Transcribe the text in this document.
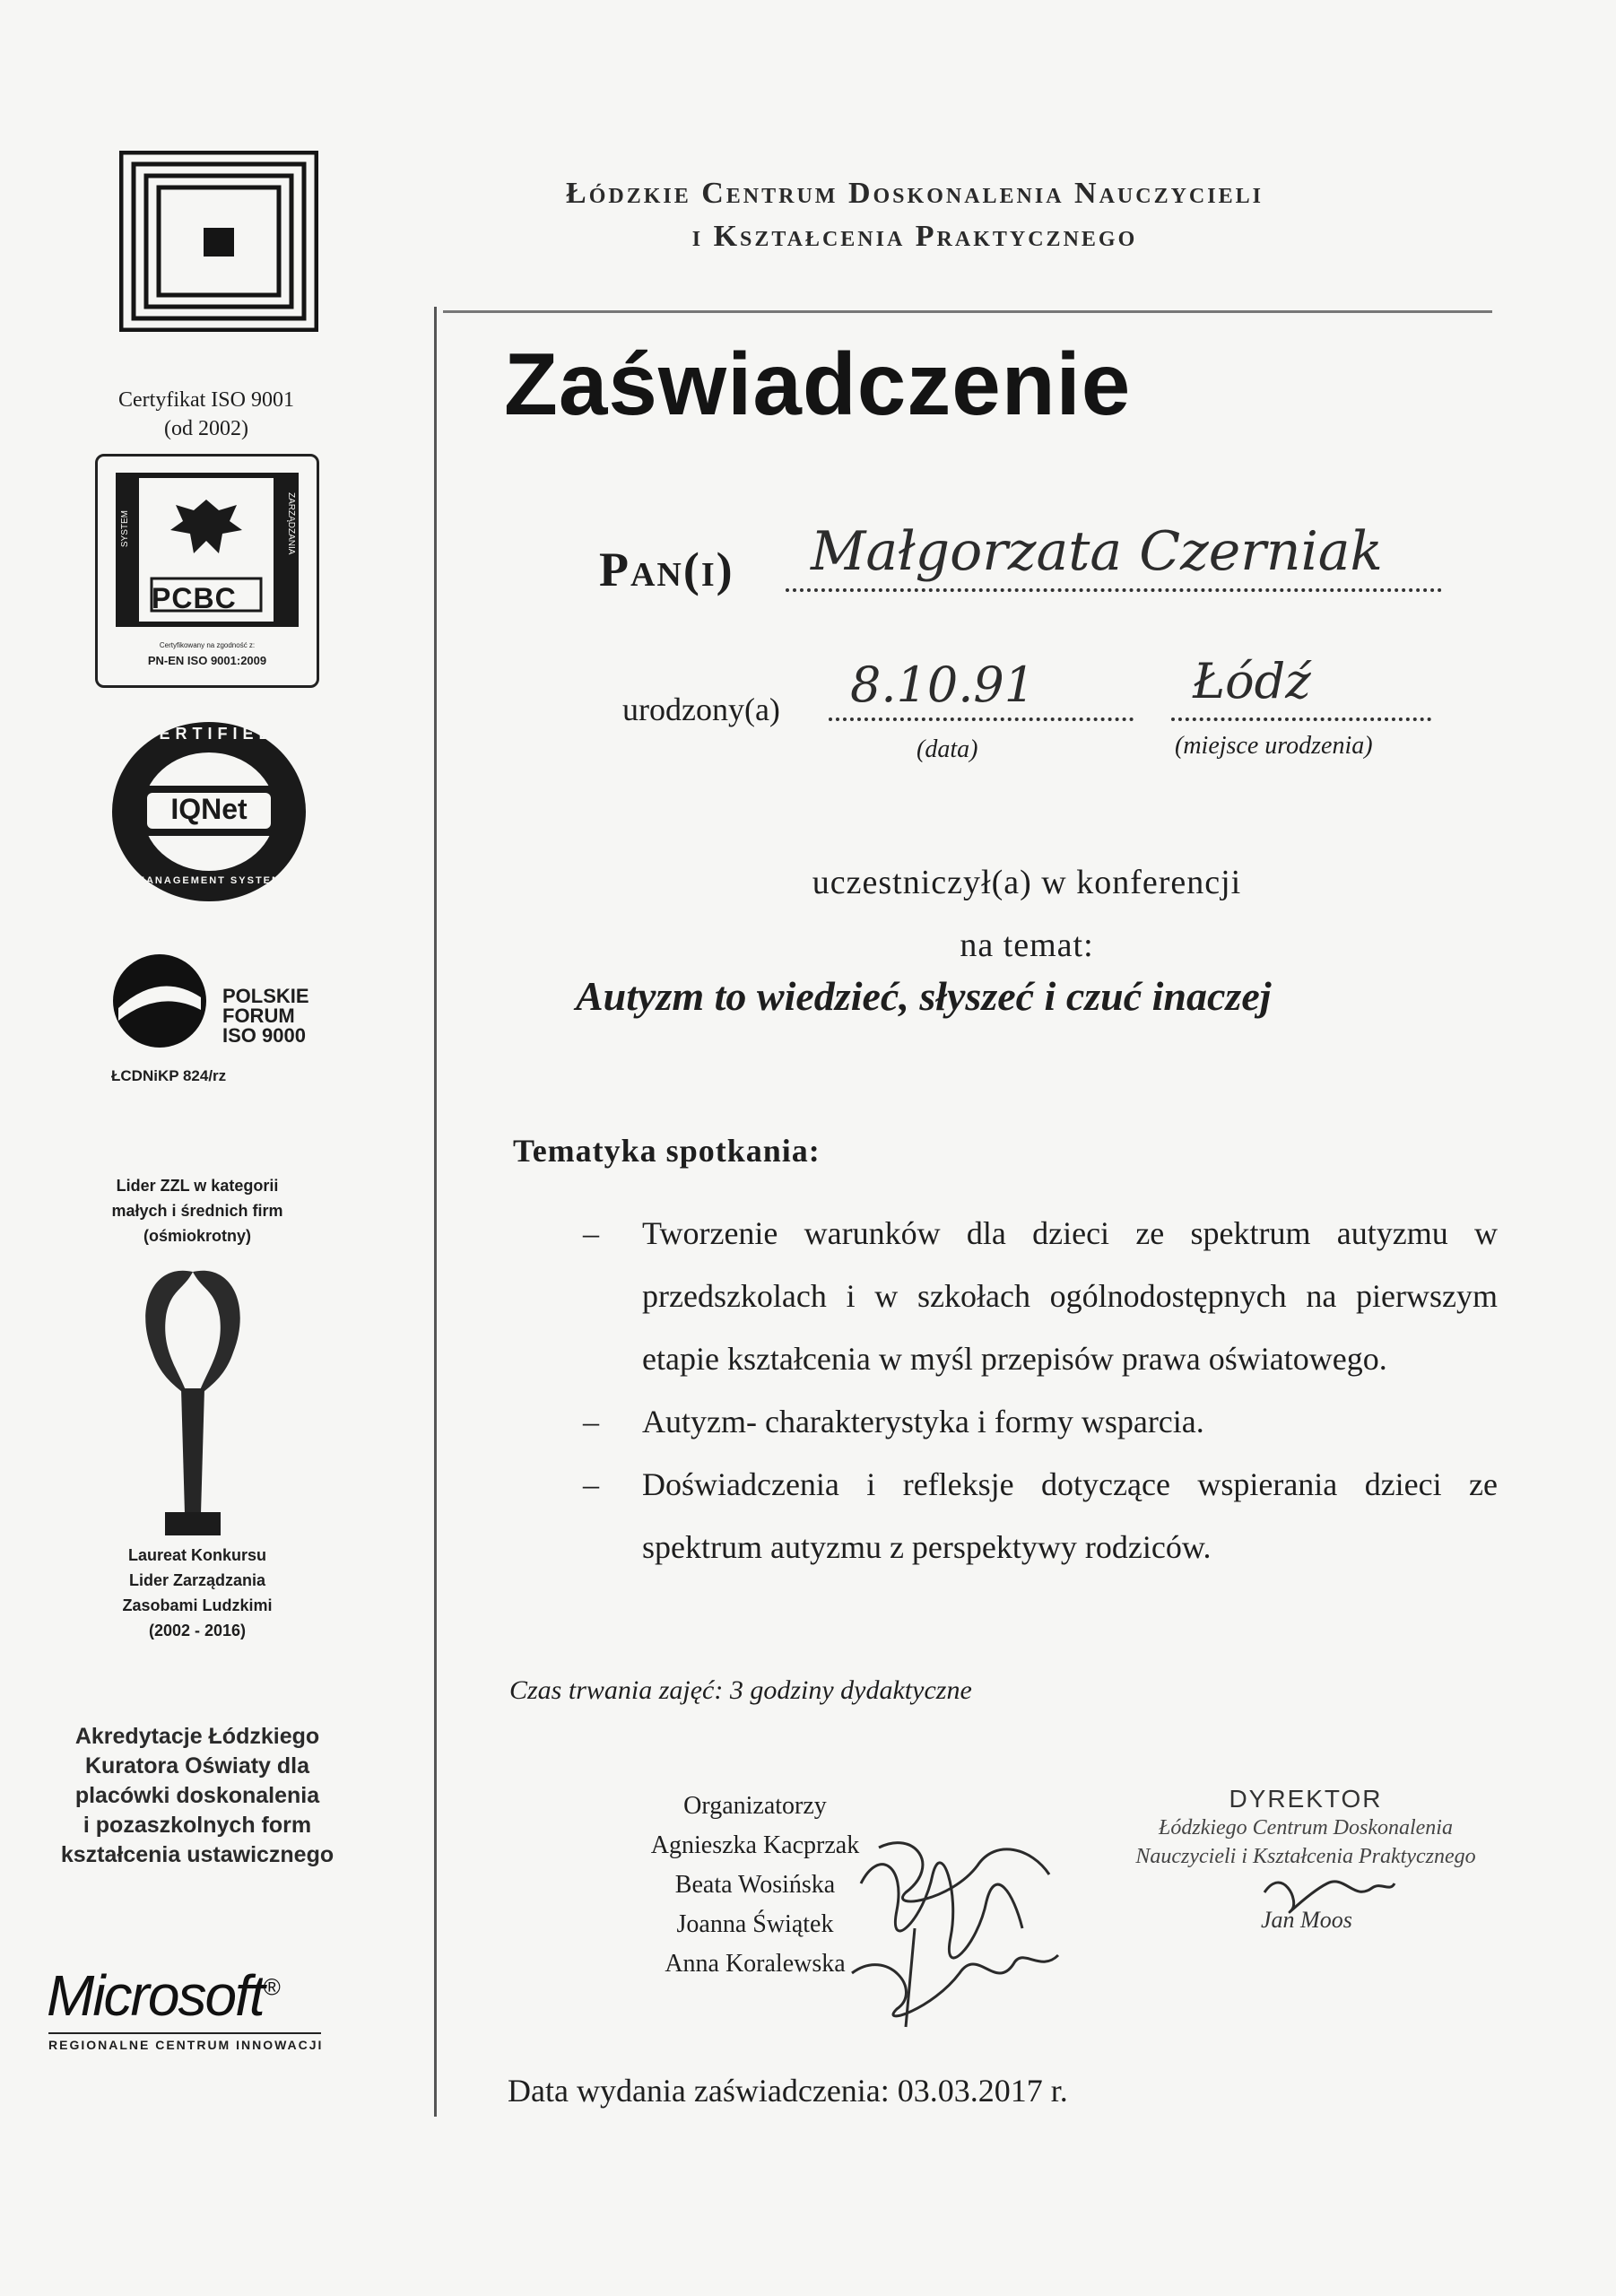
Certyfikat ISO 9001
(od 2002)
PCBC
SYSTEM	ZARZĄDZANIA
Certyfikowany na zgodność z:
PN-EN ISO 9001:2009
CERTIFIED
IQNet
MANAGEMENT SYSTEM
POLSKIE
FORUM
ISO 9000
ŁCDNiKP 824/rz
Lider ZZL w kategorii
małych i średnich firm
(ośmiokrotny)
Laureat Konkursu
Lider Zarządzania
Zasobami Ludzkimi
(2002 - 2016)
Akredytacje Łódzkiego
Kuratora Oświaty dla
placówki doskonalenia
i pozaszkolnych form
kształcenia ustawicznego
Microsoft®
REGIONALNE CENTRUM INNOWACJI
Łódzkie Centrum Doskonalenia Nauczycieli
i Kształcenia Praktycznego
Zaświadczenie
Pan(i) Małgorzata Czerniak
urodzony(a) 8.10.91	Łódź
(data)	(miejsce urodzenia)
uczestniczył(a) w konferencji
na temat:
Autyzm to wiedzieć, słyszeć i czuć inaczej
Tematyka spotkania:
– Tworzenie warunków dla dzieci ze spektrum autyzmu w przedszkolach i w szkołach ogólnodostępnych na pierwszym etapie kształcenia w myśl przepisów prawa oświatowego.
– Autyzm- charakterystyka i formy wsparcia.
– Doświadczenia i refleksje dotyczące wspierania dzieci ze spektrum autyzmu z perspektywy rodziców.
Czas trwania zajęć: 3 godziny dydaktyczne
Organizatorzy
Agnieszka Kacprzak
Beata Wosińska
Joanna Świątek
Anna Koralewska
DYREKTOR
Łódzkiego Centrum Doskonalenia
Nauczycieli i Kształcenia Praktycznego
Jan Moos
Data wydania zaświadczenia: 03.03.2017 r.
